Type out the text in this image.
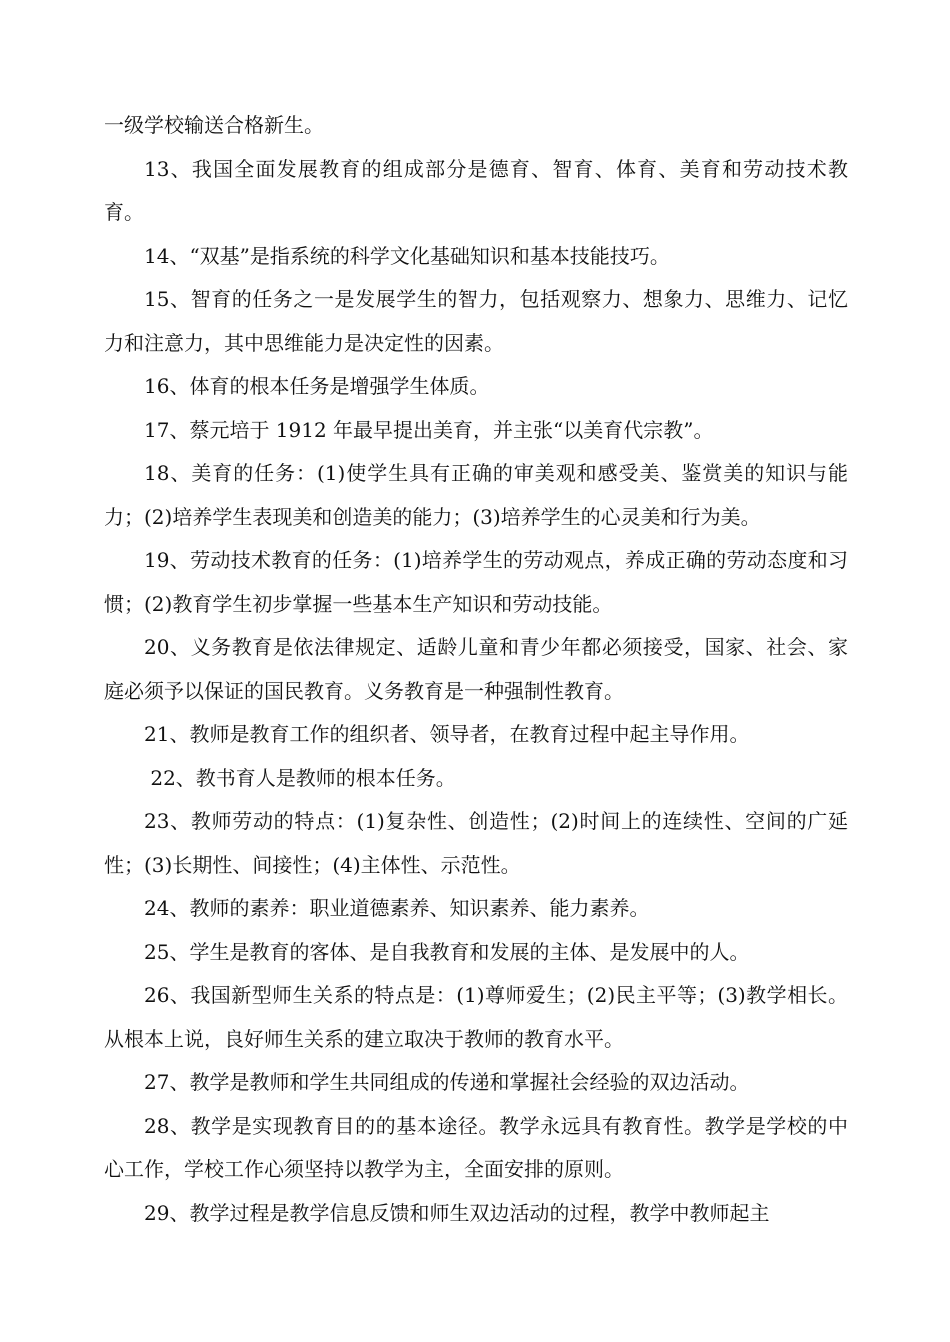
一级学校输送合格新生。

13、我国全面发展教育的组成部分是德育、智育、体育、美育和劳动技术教育。

14、“双基”是指系统的科学文化基础知识和基本技能技巧。

15、智育的任务之一是发展学生的智力，包括观察力、想象力、思维力、记忆力和注意力，其中思维能力是决定性的因素。

16、体育的根本任务是增强学生体质。

17、蔡元培于 1912 年最早提出美育，并主张“以美育代宗教”。

18、美育的任务：(1)使学生具有正确的审美观和感受美、鉴赏美的知识与能力；(2)培养学生表现美和创造美的能力；(3)培养学生的心灵美和行为美。

19、劳动技术教育的任务：(1)培养学生的劳动观点，养成正确的劳动态度和习惯；(2)教育学生初步掌握一些基本生产知识和劳动技能。

20、义务教育是依法律规定、适龄儿童和青少年都必须接受，国家、社会、家庭必须予以保证的国民教育。义务教育是一种强制性教育。

21、教师是教育工作的组织者、领导者，在教育过程中起主导作用。

22、教书育人是教师的根本任务。

23、教师劳动的特点：(1)复杂性、创造性；(2)时间上的连续性、空间的广延性；(3)长期性、间接性；(4)主体性、示范性。

24、教师的素养：职业道德素养、知识素养、能力素养。

25、学生是教育的客体、是自我教育和发展的主体、是发展中的人。

26、我国新型师生关系的特点是：(1)尊师爱生；(2)民主平等；(3)教学相长。从根本上说，良好师生关系的建立取决于教师的教育水平。

27、教学是教师和学生共同组成的传递和掌握社会经验的双边活动。

28、教学是实现教育目的的基本途径。教学永远具有教育性。教学是学校的中心工作，学校工作心须坚持以教学为主，全面安排的原则。

29、教学过程是教学信息反馈和师生双边活动的过程，教学中教师起主
